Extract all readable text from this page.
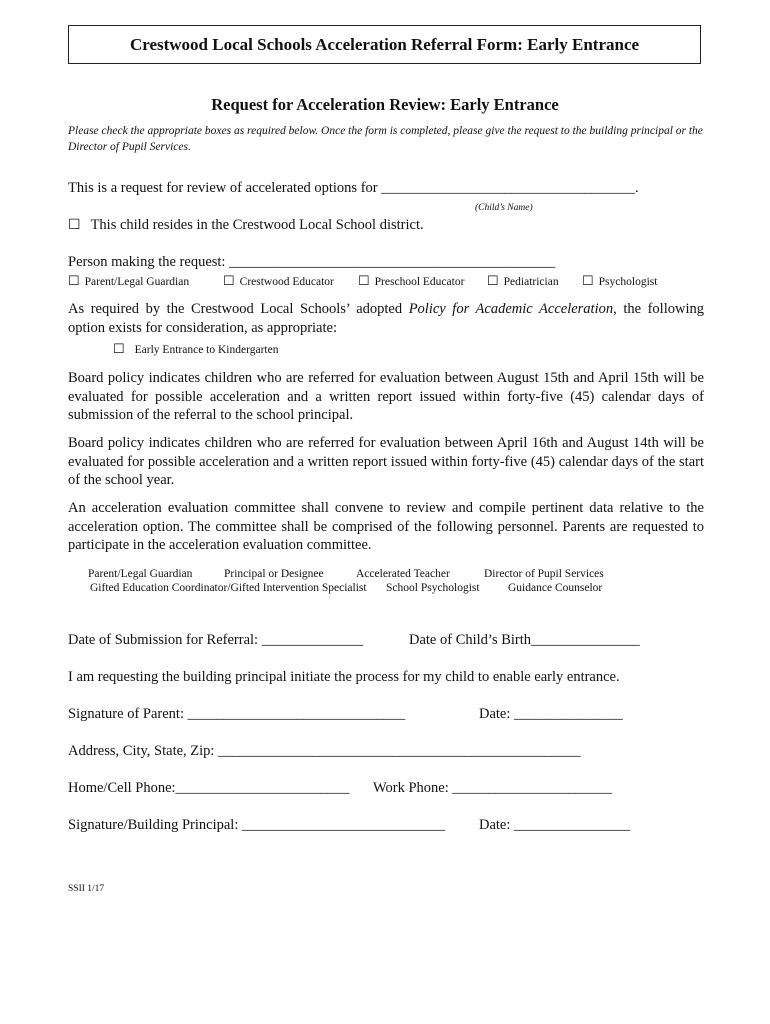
Crestwood Local Schools Acceleration Referral Form: Early Entrance
Request for Acceleration Review: Early Entrance
Please check the appropriate boxes as required below. Once the form is completed, please give the request to the building principal or the Director of Pupil Services.
This is a request for review of accelerated options for ___________________________________.
(Child’s Name)
☐ This child resides in the Crestwood Local School district.
Person making the request: _____________________________________________
☐ Parent/Legal Guardian	☐ Crestwood Educator ☐ Preschool Educator ☐ Pediatrician ☐ Psychologist
As required by the Crestwood Local Schools’ adopted Policy for Academic Acceleration, the following option exists for consideration, as appropriate:
☐ Early Entrance to Kindergarten
Board policy indicates children who are referred for evaluation between August 15th and April 15th will be evaluated for possible acceleration and a written report issued within forty-five (45) calendar days of submission of the referral to the school principal.
Board policy indicates children who are referred for evaluation between April 16th and August 14th will be evaluated for possible acceleration and a written report issued within forty-five (45) calendar days of the start of the school year.
An acceleration evaluation committee shall convene to review and compile pertinent data relative to the acceleration option. The committee shall be comprised of the following personnel. Parents are requested to participate in the acceleration evaluation committee.
Parent/Legal Guardian	Principal or Designee	Accelerated Teacher	Director of Pupil Services
Gifted Education Coordinator/Gifted Intervention Specialist School Psychologist Guidance Counselor
Date of Submission for Referral: ______________	Date of Child’s Birth_______________
I am requesting the building principal initiate the process for my child to enable early entrance.
Signature of Parent: ______________________________	Date: _______________
Address, City, State, Zip: __________________________________________________
Home/Cell Phone:________________________ Work Phone: ______________________
Signature/Building Principal: ____________________________ Date: ________________
SSII 1/17
